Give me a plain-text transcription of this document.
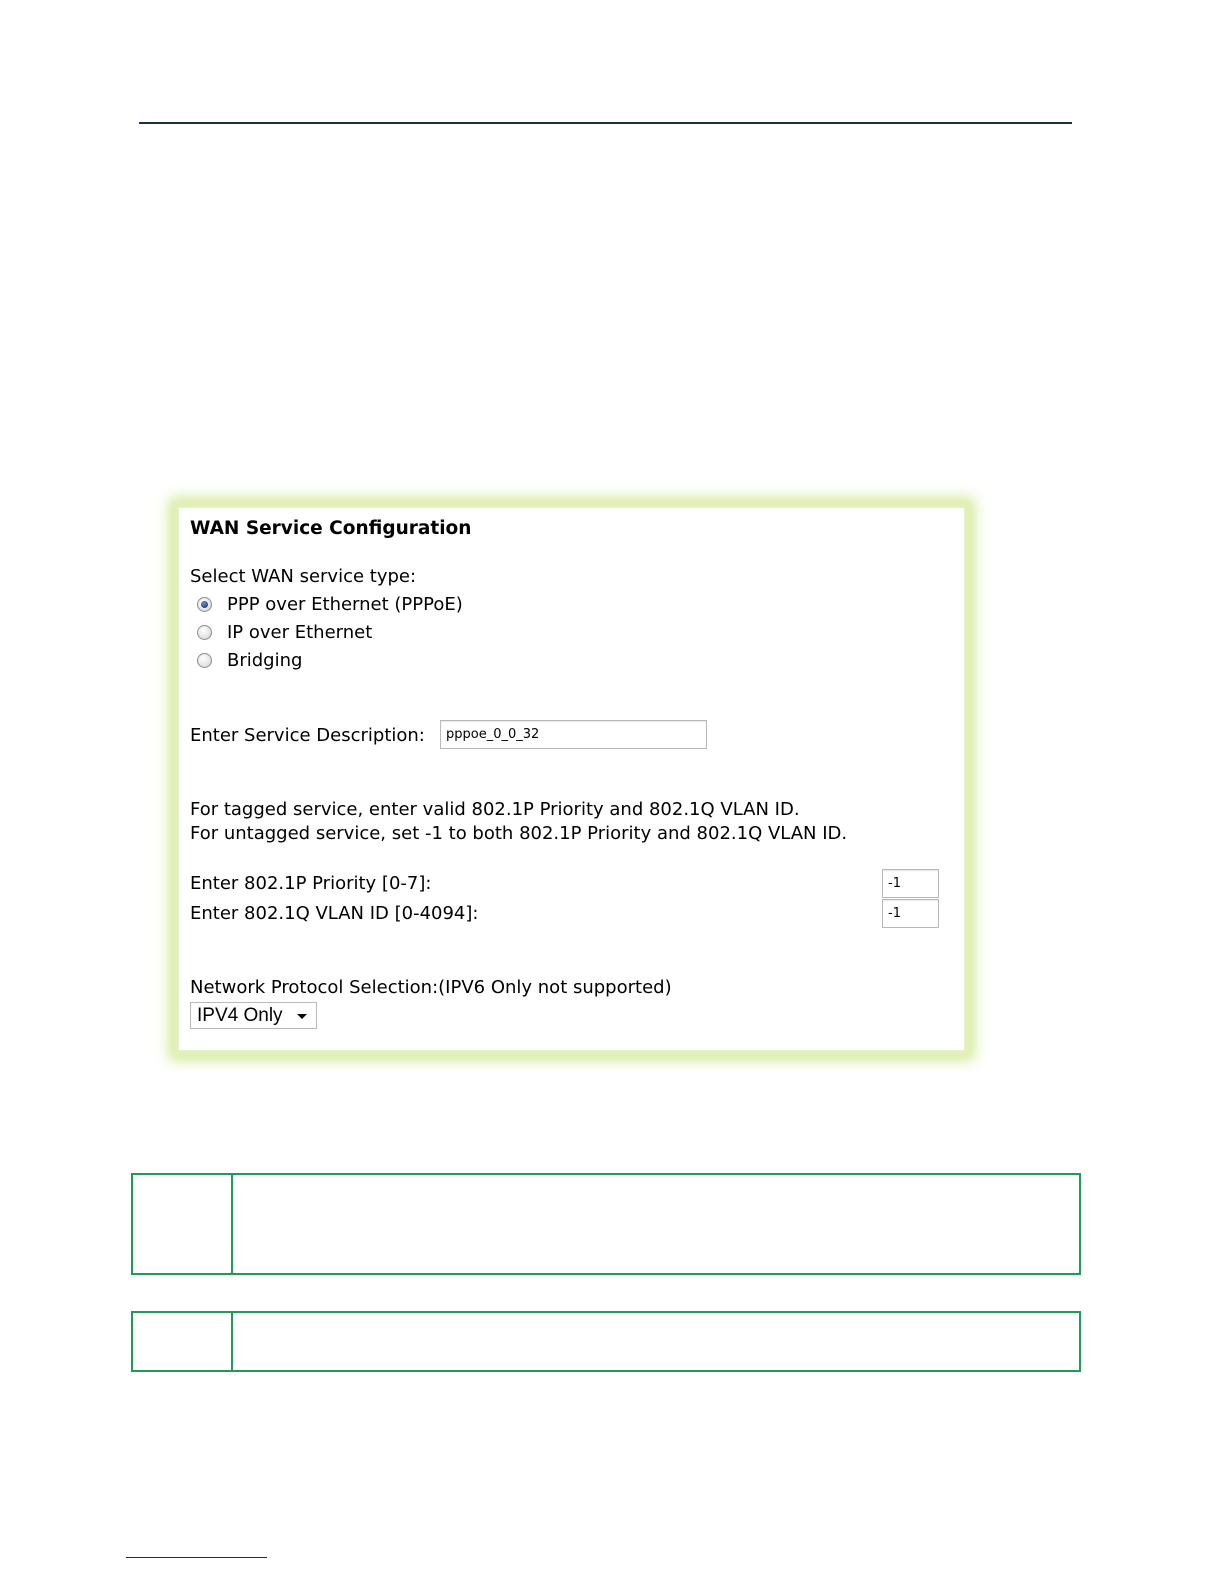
WAN Service Configuration
Select WAN service type:
PPP over Ethernet (PPPoE)
IP over Ethernet
Bridging
Enter Service Description:
pppoe_0_0_32
For tagged service, enter valid 802.1P Priority and 802.1Q VLAN ID.
For untagged service, set -1 to both 802.1P Priority and 802.1Q VLAN ID.
Enter 802.1P Priority [0-7]:
-1
Enter 802.1Q VLAN ID [0-4094]:
-1
Network Protocol Selection:(IPV6 Only not supported)
IPV4 Only
